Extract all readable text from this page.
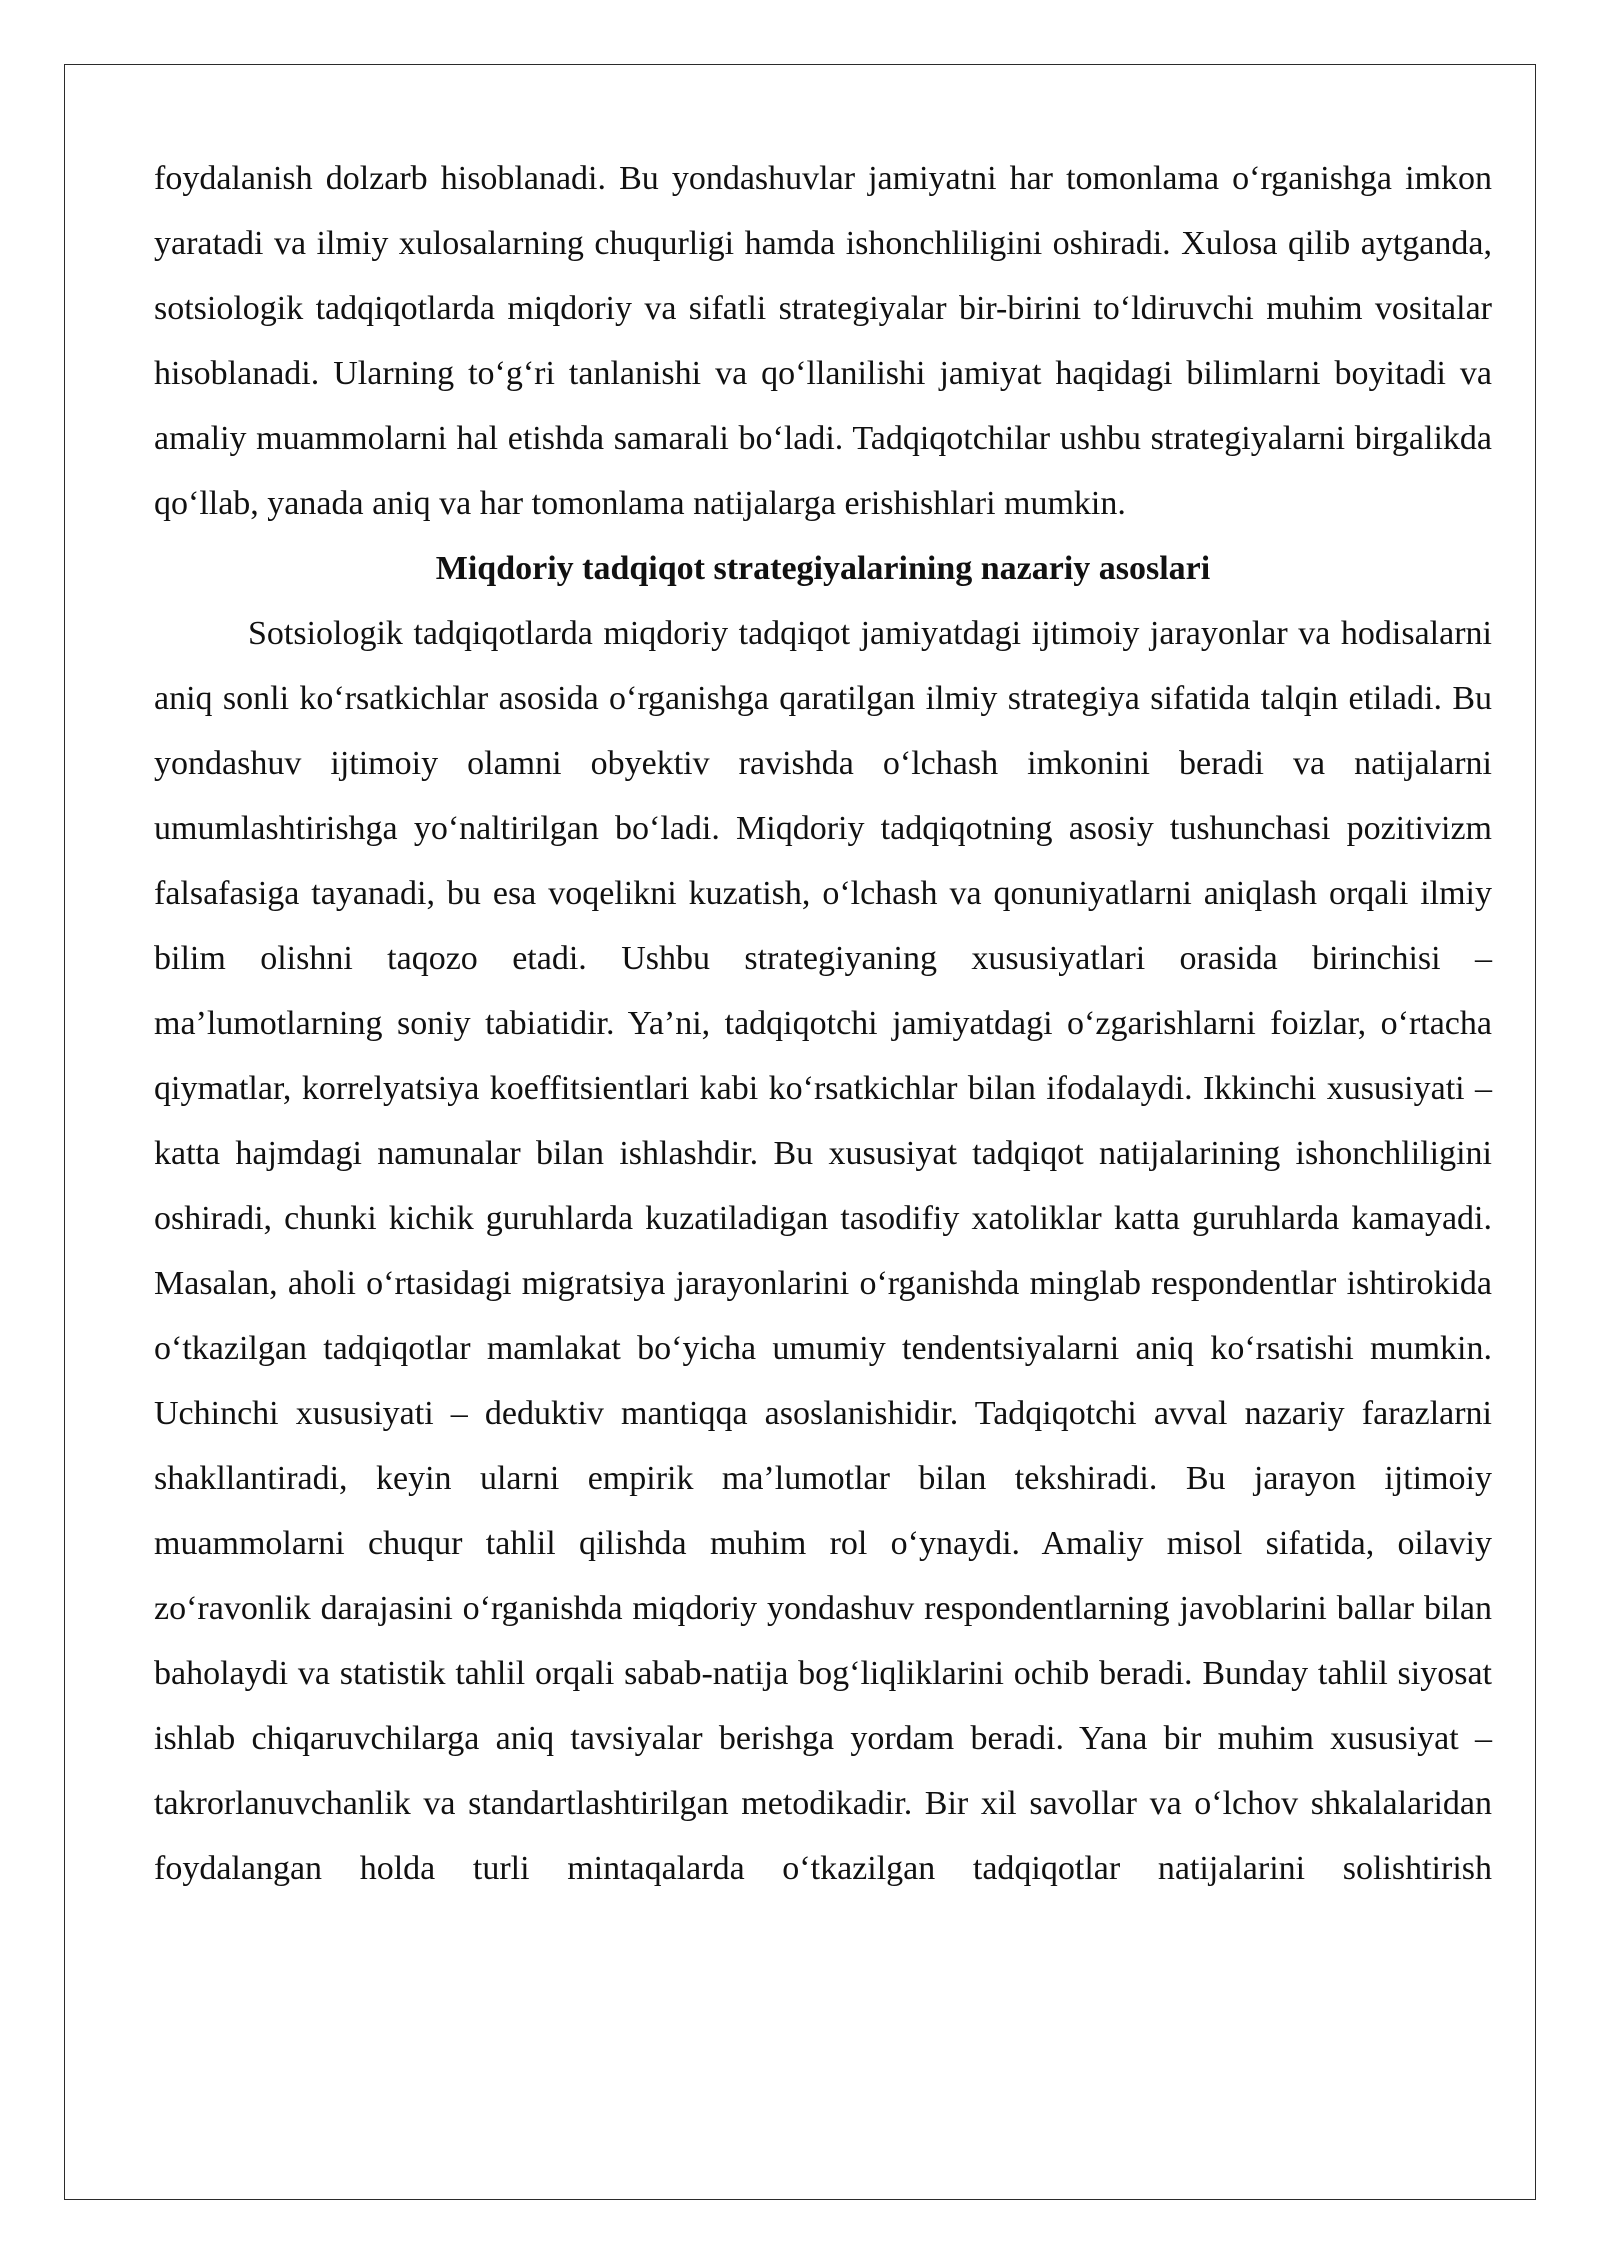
foydalanish dolzarb hisoblanadi. Bu yondashuvlar jamiyatni har tomonlama o‘rganishga imkon yaratadi va ilmiy xulosalarning chuqurligi hamda ishonchliligini oshiradi. Xulosa qilib aytganda, sotsiologik tadqiqotlarda miqdoriy va sifatli strategiyalar bir-birini to‘ldiruvchi muhim vositalar hisoblanadi. Ularning to‘g‘ri tanlanishi va qo‘llanilishi jamiyat haqidagi bilimlarni boyitadi va amaliy muammolarni hal etishda samarali bo‘ladi. Tadqiqotchilar ushbu strategiyalarni birgalikda qo‘llab, yanada aniq va har tomonlama natijalarga erishishlari mumkin.

Miqdoriy tadqiqot strategiyalarining nazariy asoslari

Sotsiologik tadqiqotlarda miqdoriy tadqiqot jamiyatdagi ijtimoiy jarayonlar va hodisalarni aniq sonli ko‘rsatkichlar asosida o‘rganishga qaratilgan ilmiy strategiya sifatida talqin etiladi. Bu yondashuv ijtimoiy olamni obyektiv ravishda o‘lchash imkonini beradi va natijalarni umumlashtirishga yo‘naltirilgan bo‘ladi. Miqdoriy tadqiqotning asosiy tushunchasi pozitivizm falsafasiga tayanadi, bu esa voqelikni kuzatish, o‘lchash va qonuniyatlarni aniqlash orqali ilmiy bilim olishni taqozo etadi. Ushbu strategiyaning xususiyatlari orasida birinchisi – ma’lumotlarning soniy tabiatidir. Ya’ni, tadqiqotchi jamiyatdagi o‘zgarishlarni foizlar, o‘rtacha qiymatlar, korrelyatsiya koeffitsientlari kabi ko‘rsatkichlar bilan ifodalaydi. Ikkinchi xususiyati – katta hajmdagi namunalar bilan ishlashdir. Bu xususiyat tadqiqot natijalarining ishonchliligini oshiradi, chunki kichik guruhlarda kuzatiladigan tasodifiy xatoliklar katta guruhlarda kamayadi. Masalan, aholi o‘rtasidagi migratsiya jarayonlarini o‘rganishda minglab respondentlar ishtirokida o‘tkazilgan tadqiqotlar mamlakat bo‘yicha umumiy tendentsiyalarni aniq ko‘rsatishi mumkin. Uchinchi xususiyati – deduktiv mantiqqa asoslanishidir. Tadqiqotchi avval nazariy farazlarni shakllantiradi, keyin ularni empirik ma’lumotlar bilan tekshiradi. Bu jarayon ijtimoiy muammolarni chuqur tahlil qilishda muhim rol o‘ynaydi. Amaliy misol sifatida, oilaviy zo‘ravonlik darajasini o‘rganishda miqdoriy yondashuv respondentlarning javoblarini ballar bilan baholaydi va statistik tahlil orqali sabab-natija bog‘liqliklarini ochib beradi. Bunday tahlil siyosat ishlab chiqaruvchilarga aniq tavsiyalar berishga yordam beradi. Yana bir muhim xususiyat – takrorlanuvchanlik va standartlashtirilgan metodikadir. Bir xil savollar va o‘lchov shkalalaridan foydalangan holda turli mintaqalarda o‘tkazilgan tadqiqotlar natijalarini solishtirish
